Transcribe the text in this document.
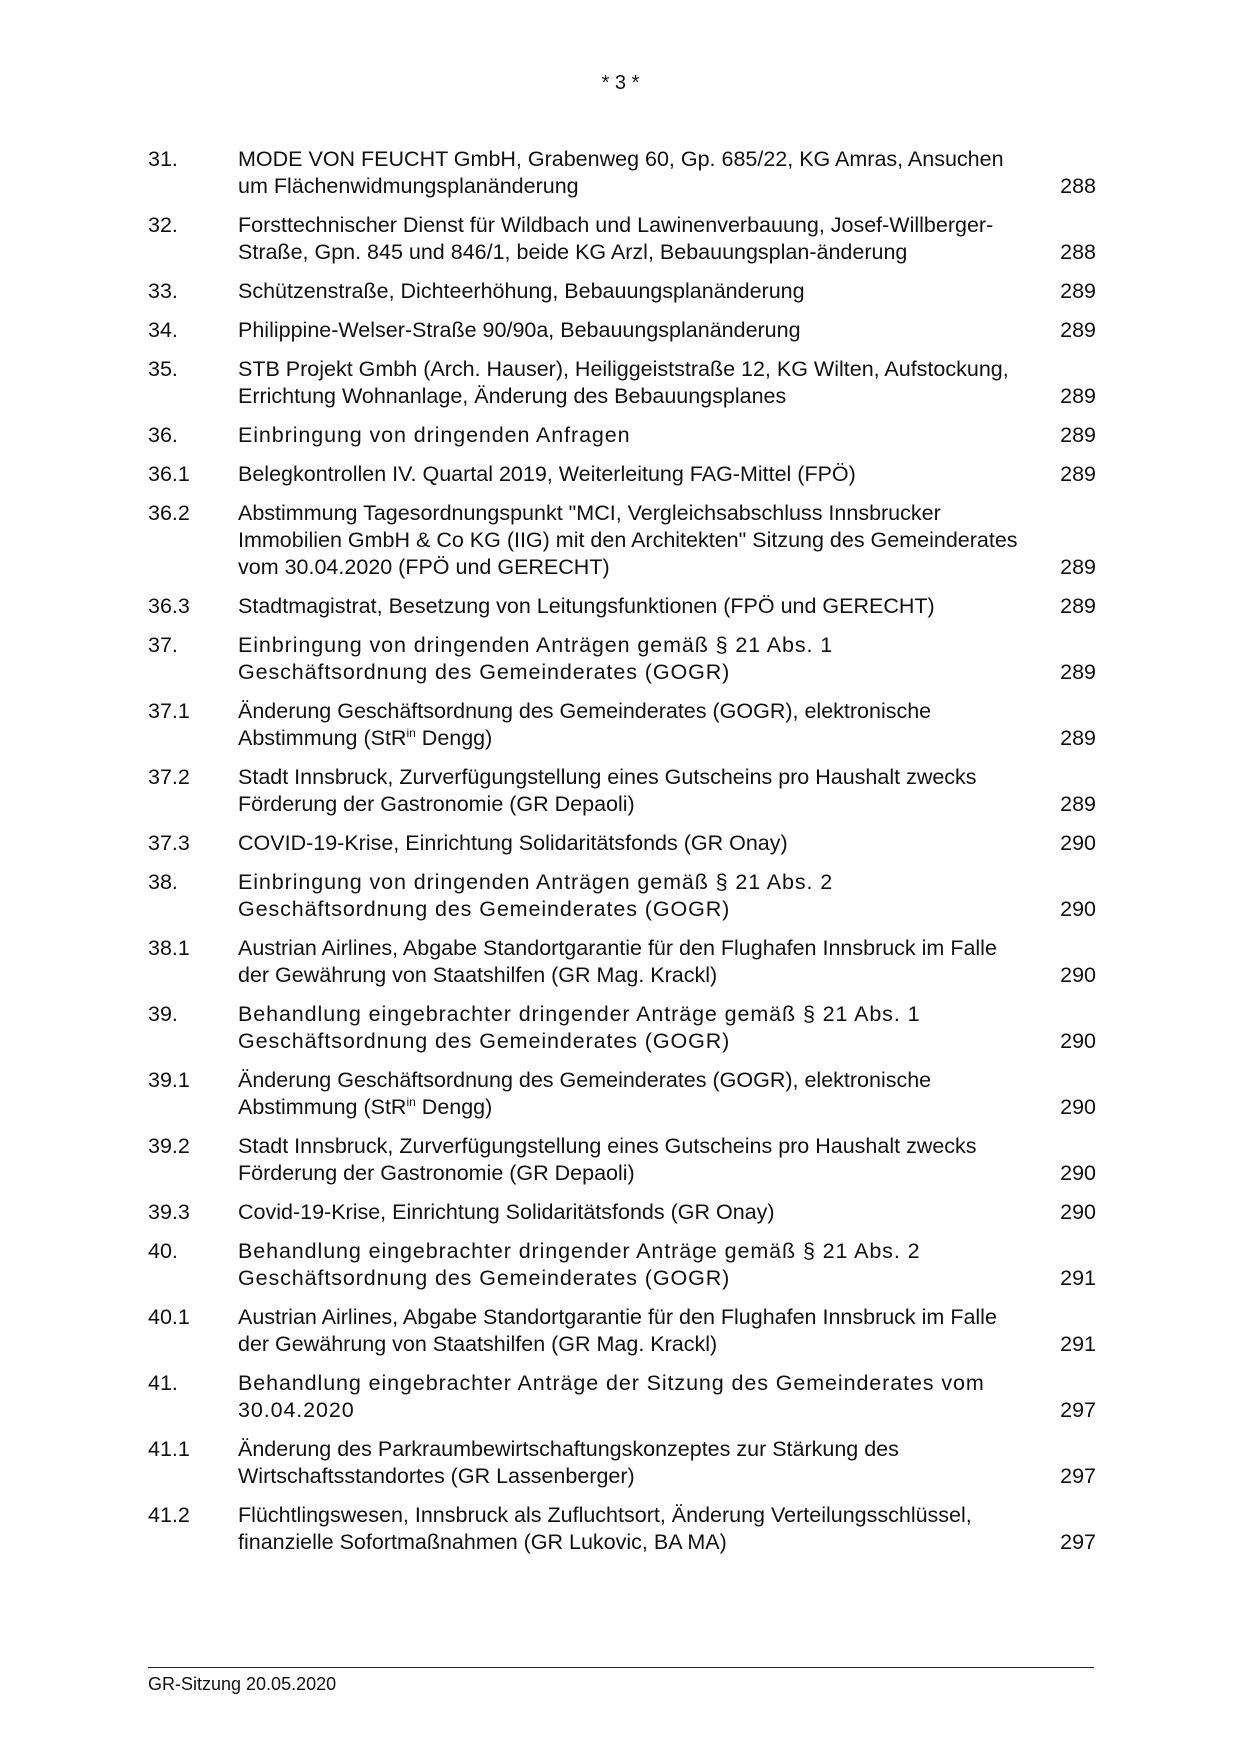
* 3 *
31.	MODE VON FEUCHT GmbH, Grabenweg 60, Gp. 685/22, KG Amras, Ansuchen um Flächenwidmungsplanänderung	288
32.	Forsttechnischer Dienst für Wildbach und Lawinenverbauung, Josef-Willberger-Straße, Gpn. 845 und 846/1, beide KG Arzl, Bebauungsplan-änderung	288
33.	Schützenstraße, Dichteerhöhung, Bebauungsplanänderung	289
34.	Philippine-Welser-Straße 90/90a, Bebauungsplanänderung	289
35.	STB Projekt Gmbh (Arch. Hauser), Heiliggeiststraße 12, KG Wilten, Aufstockung, Errichtung Wohnanlage, Änderung des Bebauungsplanes	289
36.	Einbringung von dringenden Anfragen	289
36.1	Belegkontrollen IV. Quartal 2019, Weiterleitung FAG-Mittel (FPÖ)	289
36.2	Abstimmung Tagesordnungspunkt "MCI, Vergleichsabschluss Innsbrucker Immobilien GmbH & Co KG (IIG) mit den Architekten" Sitzung des Gemeinderates vom 30.04.2020 (FPÖ und GERECHT)	289
36.3	Stadtmagistrat, Besetzung von Leitungsfunktionen (FPÖ und GERECHT)	289
37.	Einbringung von dringenden Anträgen gemäß § 21 Abs. 1 Geschäftsordnung des Gemeinderates (GOGR)	289
37.1	Änderung Geschäftsordnung des Gemeinderates (GOGR), elektronische Abstimmung (StR$^{in}$ Dengg)	289
37.2	Stadt Innsbruck, Zurverfügungstellung eines Gutscheins pro Haushalt zwecks Förderung der Gastronomie (GR Depaoli)	289
37.3	COVID-19-Krise, Einrichtung Solidaritätsfonds (GR Onay)	290
38.	Einbringung von dringenden Anträgen gemäß § 21 Abs. 2 Geschäftsordnung des Gemeinderates (GOGR)	290
38.1	Austrian Airlines, Abgabe Standortgarantie für den Flughafen Innsbruck im Falle der Gewährung von Staatshilfen (GR Mag. Krackl)	290
39.	Behandlung eingebrachter dringender Anträge gemäß § 21 Abs. 1 Geschäftsordnung des Gemeinderates (GOGR)	290
39.1	Änderung Geschäftsordnung des Gemeinderates (GOGR), elektronische Abstimmung (StR$^{in}$ Dengg)	290
39.2	Stadt Innsbruck, Zurverfügungstellung eines Gutscheins pro Haushalt zwecks Förderung der Gastronomie (GR Depaoli)	290
39.3	Covid-19-Krise, Einrichtung Solidaritätsfonds (GR Onay)	290
40.	Behandlung eingebrachter dringender Anträge gemäß § 21 Abs. 2 Geschäftsordnung des Gemeinderates (GOGR)	291
40.1	Austrian Airlines, Abgabe Standortgarantie für den Flughafen Innsbruck im Falle der Gewährung von Staatshilfen (GR Mag. Krackl)	291
41.	Behandlung eingebrachter Anträge der Sitzung des Gemeinderates vom 30.04.2020	297
41.1	Änderung des Parkraumbewirtschaftungskonzeptes zur Stärkung des Wirtschaftsstandortes (GR Lassenberger)	297
41.2	Flüchtlingswesen, Innsbruck als Zufluchtsort, Änderung Verteilungsschlüssel, finanzielle Sofortmaßnahmen (GR Lukovic, BA MA)	297
GR-Sitzung 20.05.2020
